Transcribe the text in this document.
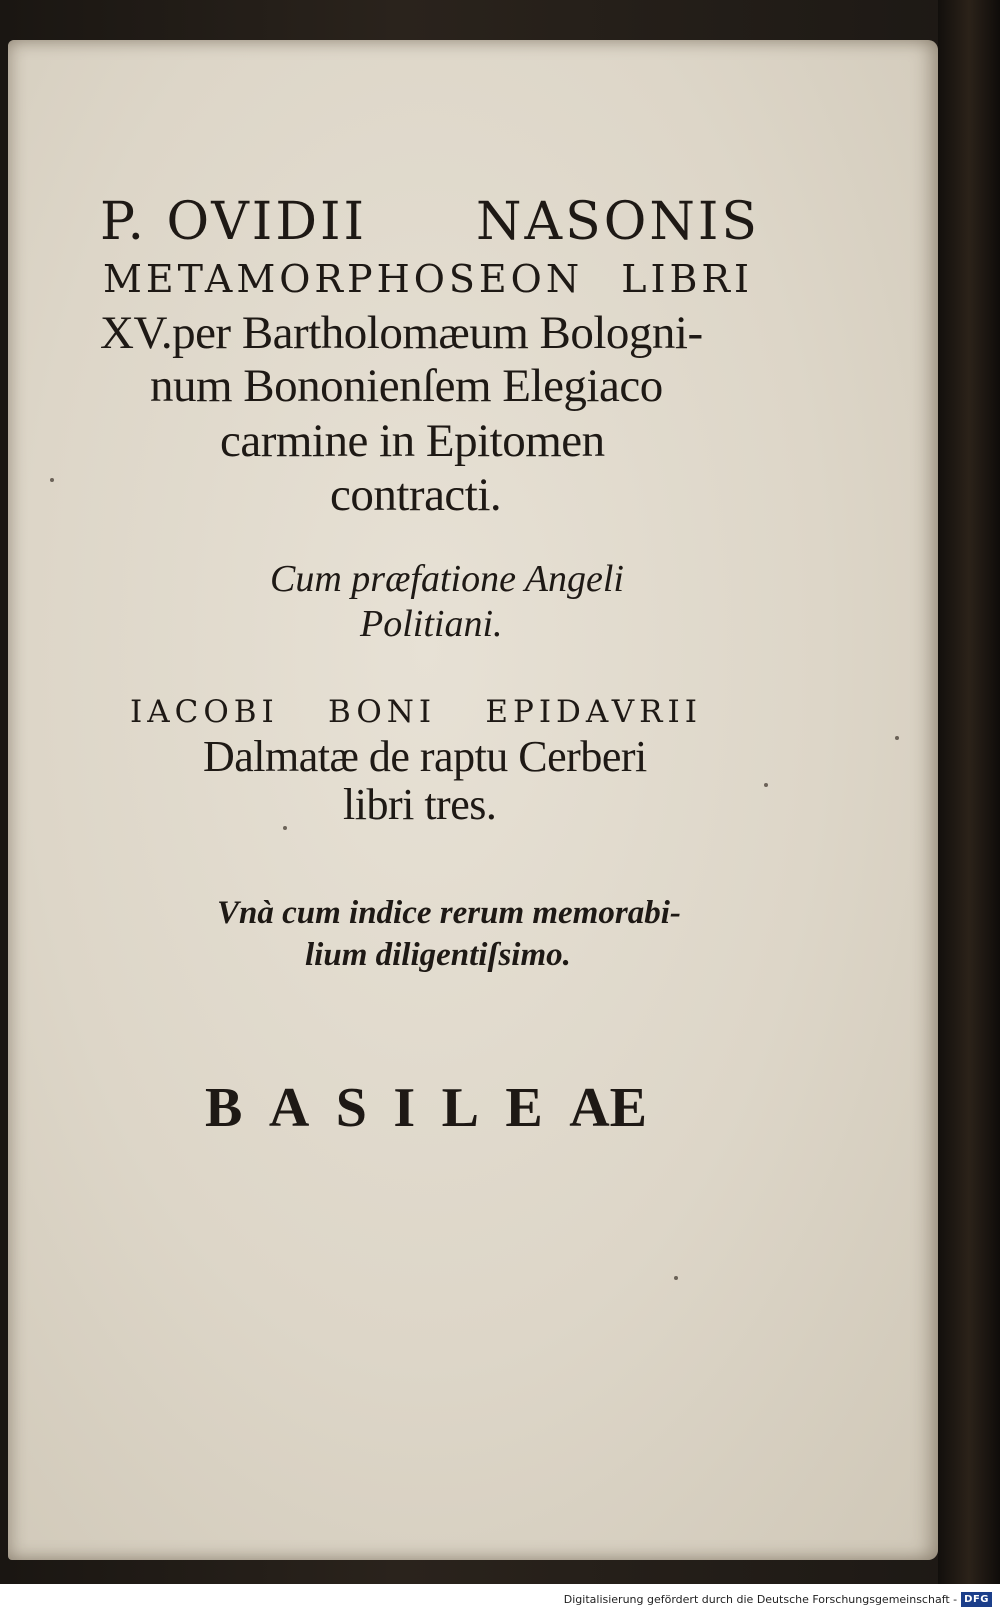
P. OVIDII NASONIS
METAMORPHOSEON LIBRI
XV.per Bartholomæum Bologni-
num Bononienſem Elegiaco
carmine in Epitomen
contracti.
Cum præfatione Angeli
Politiani.
IACOBI BONI EPIDAVRII
Dalmatæ de raptu Cerberi
libri tres.
Vnà cum indice rerum memorabi-
lium diligentiſsimo.
B A S I L E AE
Digitalisierung gefördert durch die Deutsche Forschungsgemeinschaft - DFG
